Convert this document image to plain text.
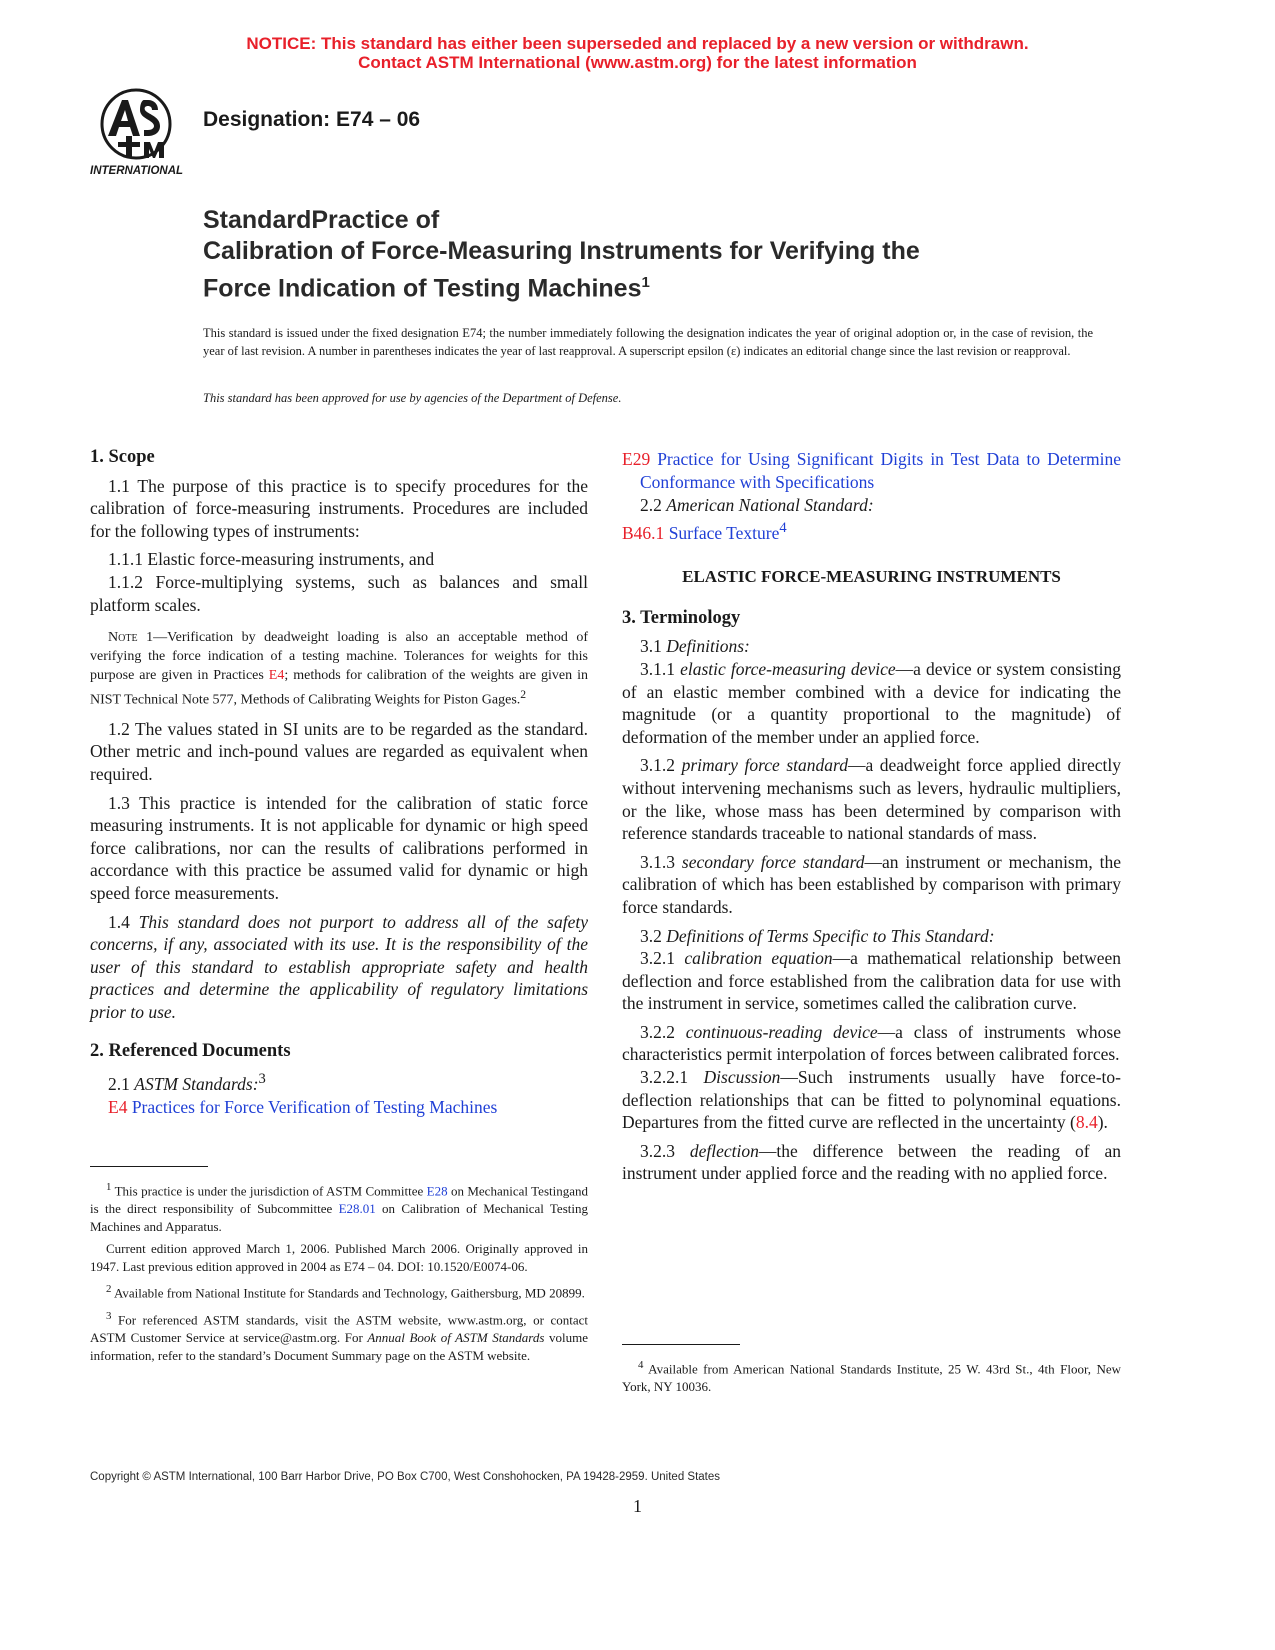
NOTICE: This standard has either been superseded and replaced by a new version or withdrawn.
Contact ASTM International (www.astm.org) for the latest information
INTERNATIONAL
Designation: E74 – 06
StandardPractice of
Calibration of Force-Measuring Instruments for Verifying the
Force Indication of Testing Machines$^1$
This standard is issued under the fixed designation E74; the number immediately following the designation indicates the year of original adoption or, in the case of revision, the year of last revision. A number in parentheses indicates the year of last reapproval. A superscript epsilon (ε) indicates an editorial change since the last revision or reapproval.
This standard has been approved for use by agencies of the Department of Defense.
1. Scope

1.1 The purpose of this practice is to specify procedures for the calibration of force-measuring instruments. Procedures are included for the following types of instruments:

1.1.1 Elastic force-measuring instruments, and

1.1.2 Force-multiplying systems, such as balances and small platform scales.

Note 1—Verification by deadweight loading is also an acceptable method of verifying the force indication of a testing machine. Tolerances for weights for this purpose are given in Practices E4; methods for calibration of the weights are given in NIST Technical Note 577, Methods of Calibrating Weights for Piston Gages.$^2$

1.2 The values stated in SI units are to be regarded as the standard. Other metric and inch-pound values are regarded as equivalent when required.

1.3 This practice is intended for the calibration of static force measuring instruments. It is not applicable for dynamic or high speed force calibrations, nor can the results of calibrations performed in accordance with this practice be assumed valid for dynamic or high speed force measurements.

1.4 This standard does not purport to address all of the safety concerns, if any, associated with its use. It is the responsibility of the user of this standard to establish appropriate safety and health practices and determine the applicability of regulatory limitations prior to use.

2. Referenced Documents

2.1 ASTM Standards:$^3$

E4 Practices for Force Verification of Testing Machines

$^1$ This practice is under the jurisdiction of ASTM Committee E28 on Mechanical Testingand is the direct responsibility of Subcommittee E28.01 on Calibration of Mechanical Testing Machines and Apparatus.

Current edition approved March 1, 2006. Published March 2006. Originally approved in 1947. Last previous edition approved in 2004 as E74 – 04. DOI: 10.1520/E0074-06.

$^2$ Available from National Institute for Standards and Technology, Gaithersburg, MD 20899.

$^3$ For referenced ASTM standards, visit the ASTM website, www.astm.org, or contact ASTM Customer Service at service@astm.org. For Annual Book of ASTM Standards volume information, refer to the standard’s Document Summary page on the ASTM website.

E29 Practice for Using Significant Digits in Test Data to Determine Conformance with Specifications

2.2 American National Standard:

B46.1 Surface Texture$^4$

ELASTIC FORCE-MEASURING INSTRUMENTS
3. Terminology

3.1 Definitions:

3.1.1 elastic force-measuring device—a device or system consisting of an elastic member combined with a device for indicating the magnitude (or a quantity proportional to the magnitude) of deformation of the member under an applied force.

3.1.2 primary force standard—a deadweight force applied directly without intervening mechanisms such as levers, hydraulic multipliers, or the like, whose mass has been determined by comparison with reference standards traceable to national standards of mass.

3.1.3 secondary force standard—an instrument or mechanism, the calibration of which has been established by comparison with primary force standards.

3.2 Definitions of Terms Specific to This Standard:

3.2.1 calibration equation—a mathematical relationship between deflection and force established from the calibration data for use with the instrument in service, sometimes called the calibration curve.

3.2.2 continuous-reading device—a class of instruments whose characteristics permit interpolation of forces between calibrated forces.

3.2.2.1 Discussion—Such instruments usually have force-to-deflection relationships that can be fitted to polynominal equations. Departures from the fitted curve are reflected in the uncertainty (8.4).

3.2.3 deflection—the difference between the reading of an instrument under applied force and the reading with no applied force.

$^4$ Available from American National Standards Institute, 25 W. 43rd St., 4th Floor, New York, NY 10036.

Copyright © ASTM International, 100 Barr Harbor Drive, PO Box C700, West Conshohocken, PA 19428-2959. United States
1
